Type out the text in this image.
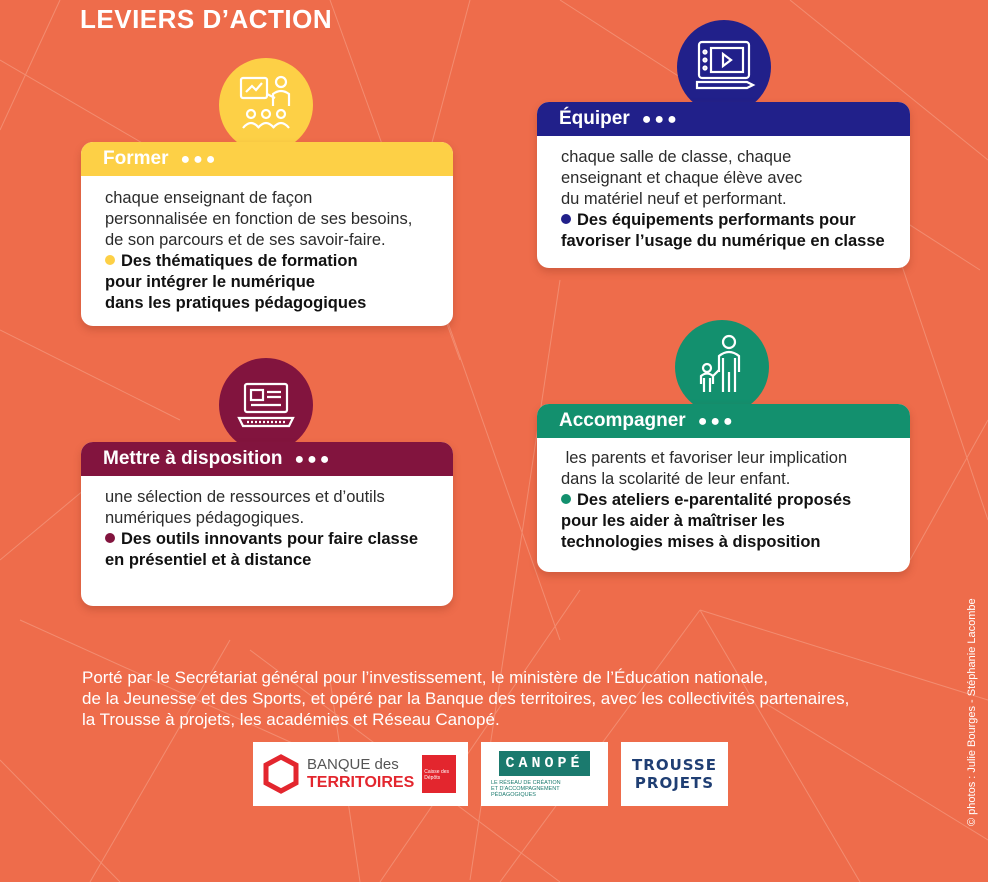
LEVIERS D’ACTION
Former ●●●
chaque enseignant de façon
personnalisée en fonction de ses besoins,
de son parcours et de ses savoir-faire.
Des thématiques de formation
pour intégrer le numérique
dans les pratiques pédagogiques
Équiper ●●●
chaque salle de classe, chaque
enseignant et chaque élève avec
du matériel neuf et performant.
Des équipements performants pour
favoriser l’usage du numérique en classe
Mettre à disposition ●●●
une sélection de ressources et d’outils
numériques pédagogiques.
Des outils innovants pour faire classe
en présentiel et à distance
Accompagner ●●●
les parents et favoriser leur implication
dans la scolarité de leur enfant.
Des ateliers e-parentalité proposés
pour les aider à maîtriser les
technologies mises à disposition
Porté par le Secrétariat général pour l’investissement, le ministère de l’Éducation nationale,
de la Jeunesse et des Sports, et opéré par la Banque des territoires, avec les collectivités partenaires,
la Trousse à projets, les académies et Réseau Canopé.
BANQUE des
TERRITOIRES
Caisse des Dépôts
CANOPÉ
LE RÉSEAU DE CRÉATION
ET D’ACCOMPAGNEMENT PÉDAGOGIQUES
TROUSSE
PROJETS	© photos : Julie Bourges - Stéphanie Lacombe
